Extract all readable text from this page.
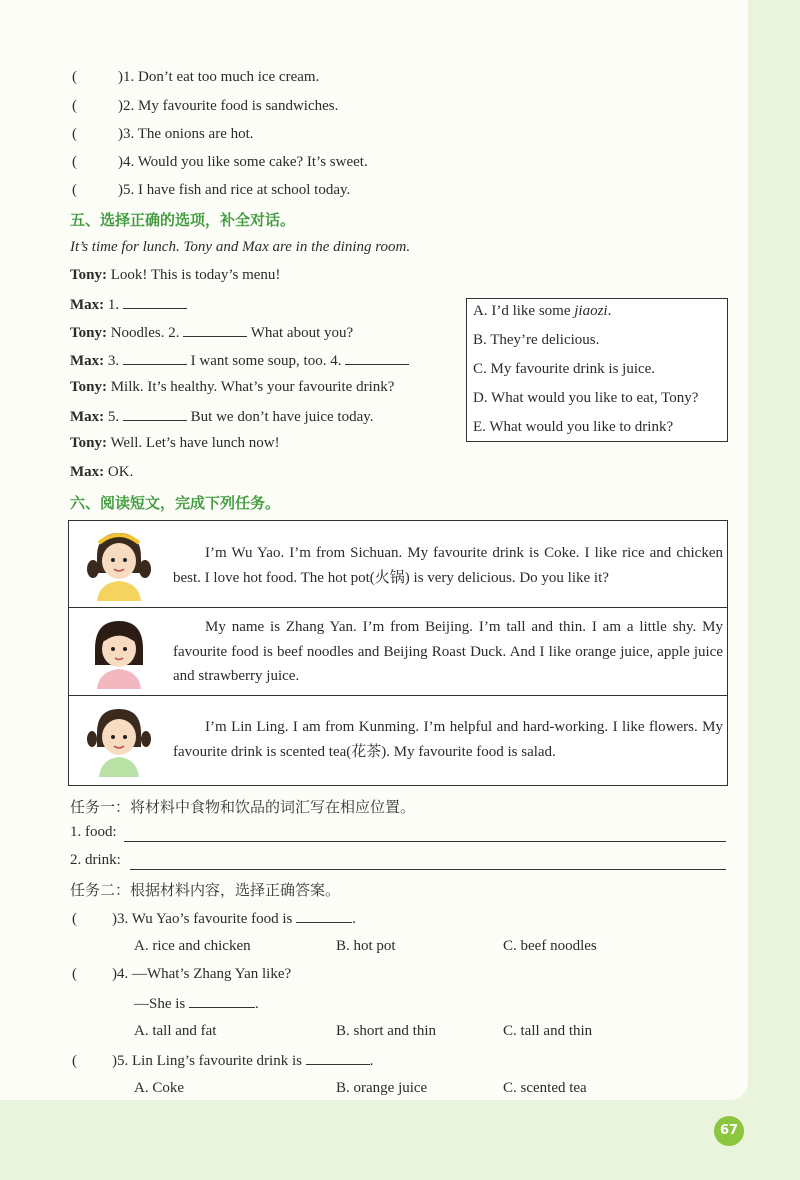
(	)1. Don’t eat too much ice cream.
(	)2. My favourite food is sandwiches.
(	)3. The onions are hot.
(	)4. Would you like some cake? It’s sweet.
(	)5. I have fish and rice at school today.
五、选择正确的选项，补全对话。
It’s time for lunch. Tony and Max are in the dining room.
Tony: Look! This is today’s menu!
Max: 1.
Tony: Noodles. 2.	What about you?
Max: 3.	I want some soup, too. 4.
Tony: Milk. It’s healthy. What’s your favourite drink?
Max: 5.	But we don’t have juice today.
Tony: Well. Let’s have lunch now!
Max: OK.
A. I’d like some jiaozi.
B. They’re delicious.
C. My favourite drink is juice.
D. What would you like to eat, Tony?
E. What would you like to drink?
六、阅读短文，完成下列任务。
I’m Wu Yao. I’m from Sichuan. My favourite drink is Coke. I like rice and chicken best. I love hot food. The hot pot(火锅) is very delicious. Do you like it?
My name is Zhang Yan. I’m from Beijing. I’m tall and thin. I am a little shy. My favourite food is beef noodles and Beijing Roast Duck. And I like orange juice, apple juice and strawberry juice.
I’m Lin Ling. I am from Kunming. I’m helpful and hard-working. I like flowers. My favourite drink is scented tea(花茶). My favourite food is salad.
任务一：将材料中食物和饮品的词汇写在相应位置。
1. food:
2. drink:
任务二：根据材料内容，选择正确答案。
( )3. Wu Yao’s favourite food is	.
A. rice and chicken	B. hot pot	C. beef noodles
( )4. —What’s Zhang Yan like?
—She is	.
A. tall and fat	B. short and thin	C. tall and thin
( )5. Lin Ling’s favourite drink is	.
A. Coke	B. orange juice	C. scented tea
67
